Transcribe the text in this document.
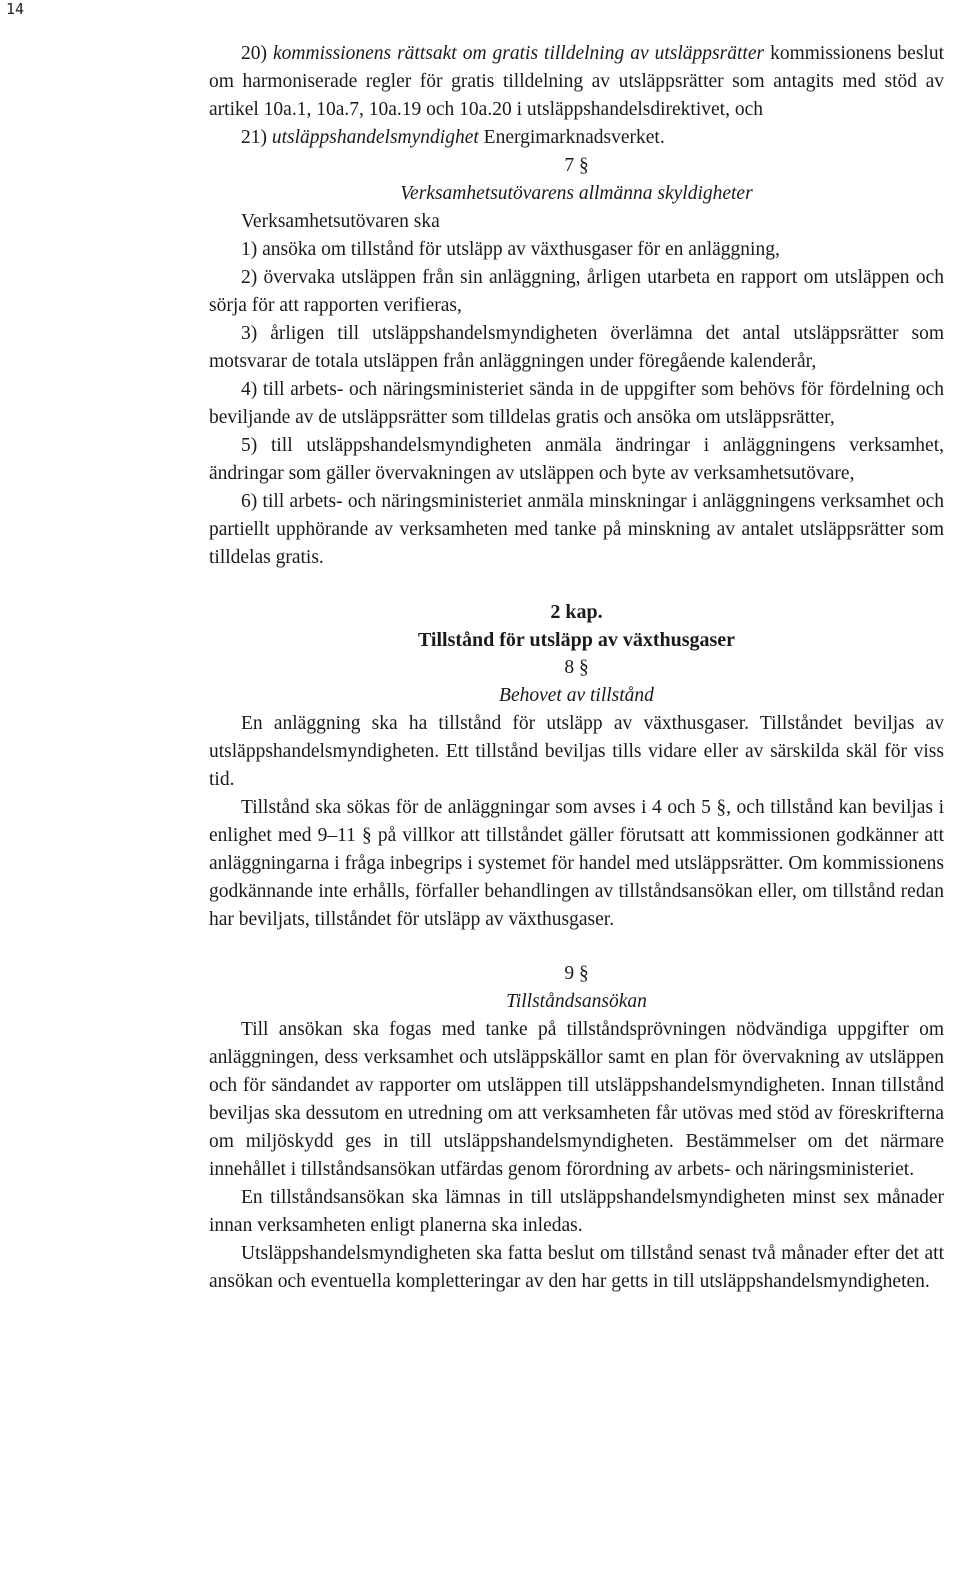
14

20) kommissionens rättsakt om gratis tilldelning av utsläppsrätter kommissionens beslut om harmoniserade regler för gratis tilldelning av utsläppsrätter som antagits med stöd av artikel 10a.1, 10a.7, 10a.19 och 10a.20 i utsläppshandelsdirektivet, och

21) utsläppshandelsmyndighet Energimarknadsverket.

7 §

Verksamhetsutövarens allmänna skyldigheter

Verksamhetsutövaren ska

1) ansöka om tillstånd för utsläpp av växthusgaser för en anläggning,

2) övervaka utsläppen från sin anläggning, årligen utarbeta en rapport om utsläppen och sörja för att rapporten verifieras,

3) årligen till utsläppshandelsmyndigheten överlämna det antal utsläppsrätter som motsvarar de totala utsläppen från anläggningen under föregående kalenderår,

4) till arbets- och näringsministeriet sända in de uppgifter som behövs för fördelning och beviljande av de utsläppsrätter som tilldelas gratis och ansöka om utsläppsrätter,

5) till utsläppshandelsmyndigheten anmäla ändringar i anläggningens verksamhet, ändringar som gäller övervakningen av utsläppen och byte av verksamhetsutövare,

6) till arbets- och näringsministeriet anmäla minskningar i anläggningens verksamhet och partiellt upphörande av verksamheten med tanke på minskning av antalet utsläppsrätter som tilldelas gratis.

2 kap.

Tillstånd för utsläpp av växthusgaser

8 §

Behovet av tillstånd

En anläggning ska ha tillstånd för utsläpp av växthusgaser. Tillståndet beviljas av utsläppshandelsmyndigheten. Ett tillstånd beviljas tills vidare eller av särskilda skäl för viss tid.

Tillstånd ska sökas för de anläggningar som avses i 4 och 5 §, och tillstånd kan beviljas i enlighet med 9–11 § på villkor att tillståndet gäller förutsatt att kommissionen godkänner att anläggningarna i fråga inbegrips i systemet för handel med utsläppsrätter. Om kommissionens godkännande inte erhålls, förfaller behandlingen av tillståndsansökan eller, om tillstånd redan har beviljats, tillståndet för utsläpp av växthusgaser.

9 §

Tillståndsansökan

Till ansökan ska fogas med tanke på tillståndsprövningen nödvändiga uppgifter om anläggningen, dess verksamhet och utsläppskällor samt en plan för övervakning av utsläppen och för sändandet av rapporter om utsläppen till utsläppshandelsmyndigheten. Innan tillstånd beviljas ska dessutom en utredning om att verksamheten får utövas med stöd av föreskrifterna om miljöskydd ges in till utsläppshandelsmyndigheten. Bestämmelser om det närmare innehållet i tillståndsansökan utfärdas genom förordning av arbets- och näringsministeriet.

En tillståndsansökan ska lämnas in till utsläppshandelsmyndigheten minst sex månader innan verksamheten enligt planerna ska inledas.

Utsläppshandelsmyndigheten ska fatta beslut om tillstånd senast två månader efter det att ansökan och eventuella kompletteringar av den har getts in till utsläppshandelsmyndigheten.
